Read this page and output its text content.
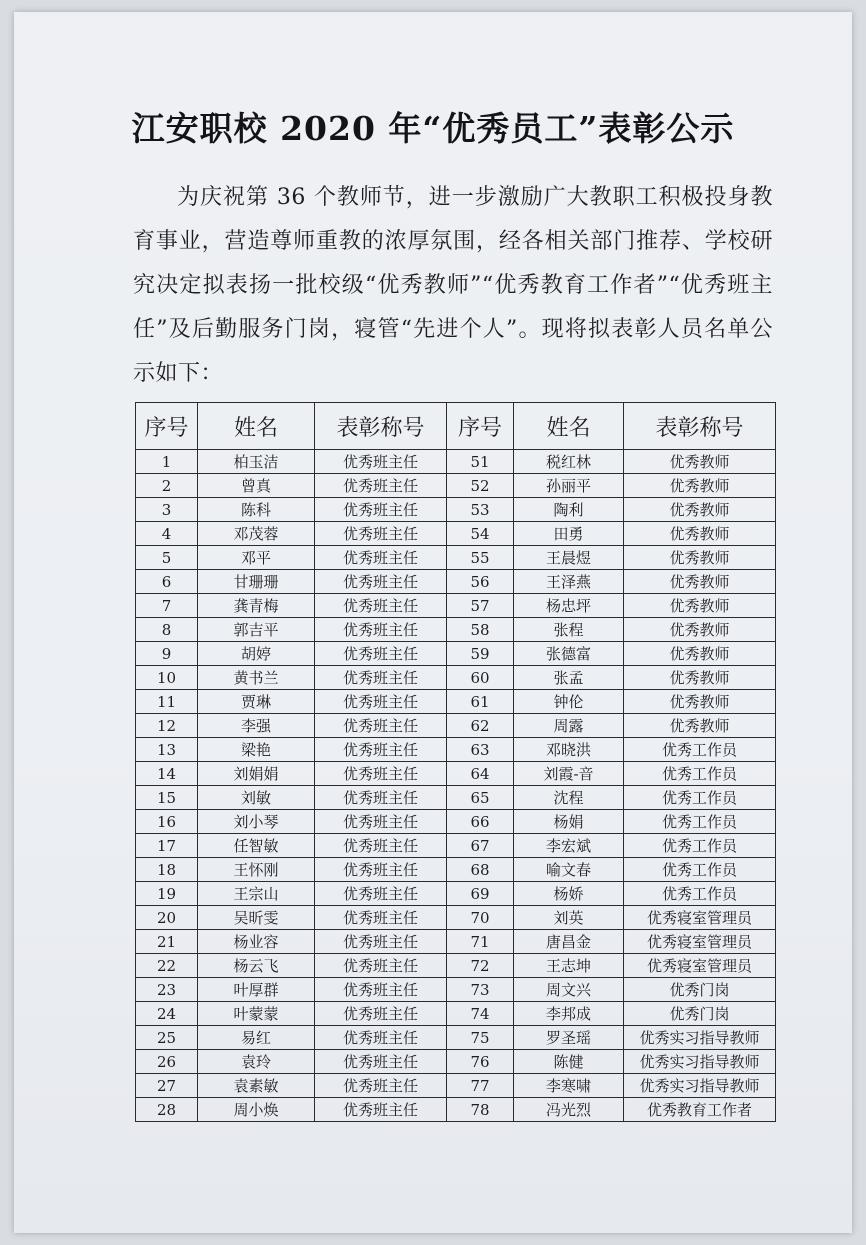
江安职校 2020 年“优秀员工”表彰公示
为庆祝第 36 个教师节，进一步激励广大教职工积极投身教育事业，营造尊师重教的浓厚氛围，经各相关部门推荐、学校研究决定拟表扬一批校级“优秀教师”“优秀教育工作者”“优秀班主任”及后勤服务门岗，寝管“先进个人”。现将拟表彰人员名单公示如下：
序号	姓名	表彰称号	序号	姓名	表彰称号
1	柏玉洁	优秀班主任	51	税红林	优秀教师
2	曾真	优秀班主任	52	孙丽平	优秀教师
3	陈科	优秀班主任	53	陶利	优秀教师
4	邓茂蓉	优秀班主任	54	田勇	优秀教师
5	邓平	优秀班主任	55	王晨煜	优秀教师
6	甘珊珊	优秀班主任	56	王泽燕	优秀教师
7	龚青梅	优秀班主任	57	杨忠坪	优秀教师
8	郭吉平	优秀班主任	58	张程	优秀教师
9	胡婷	优秀班主任	59	张德富	优秀教师
10	黄书兰	优秀班主任	60	张孟	优秀教师
11	贾琳	优秀班主任	61	钟伦	优秀教师
12	李强	优秀班主任	62	周露	优秀教师
13	梁艳	优秀班主任	63	邓晓洪	优秀工作员
14	刘娟娟	优秀班主任	64	刘霞-音	优秀工作员
15	刘敏	优秀班主任	65	沈程	优秀工作员
16	刘小琴	优秀班主任	66	杨娟	优秀工作员
17	任智敏	优秀班主任	67	李宏斌	优秀工作员
18	王怀刚	优秀班主任	68	喻文春	优秀工作员
19	王宗山	优秀班主任	69	杨娇	优秀工作员
20	吴昕雯	优秀班主任	70	刘英	优秀寝室管理员
21	杨业容	优秀班主任	71	唐昌金	优秀寝室管理员
22	杨云飞	优秀班主任	72	王志坤	优秀寝室管理员
23	叶厚群	优秀班主任	73	周文兴	优秀门岗
24	叶蒙蒙	优秀班主任	74	李邦成	优秀门岗
25	易红	优秀班主任	75	罗圣瑶	优秀实习指导教师
26	袁玲	优秀班主任	76	陈健	优秀实习指导教师
27	袁素敏	优秀班主任	77	李寒啸	优秀实习指导教师
28	周小焕	优秀班主任	78	冯光烈	优秀教育工作者
